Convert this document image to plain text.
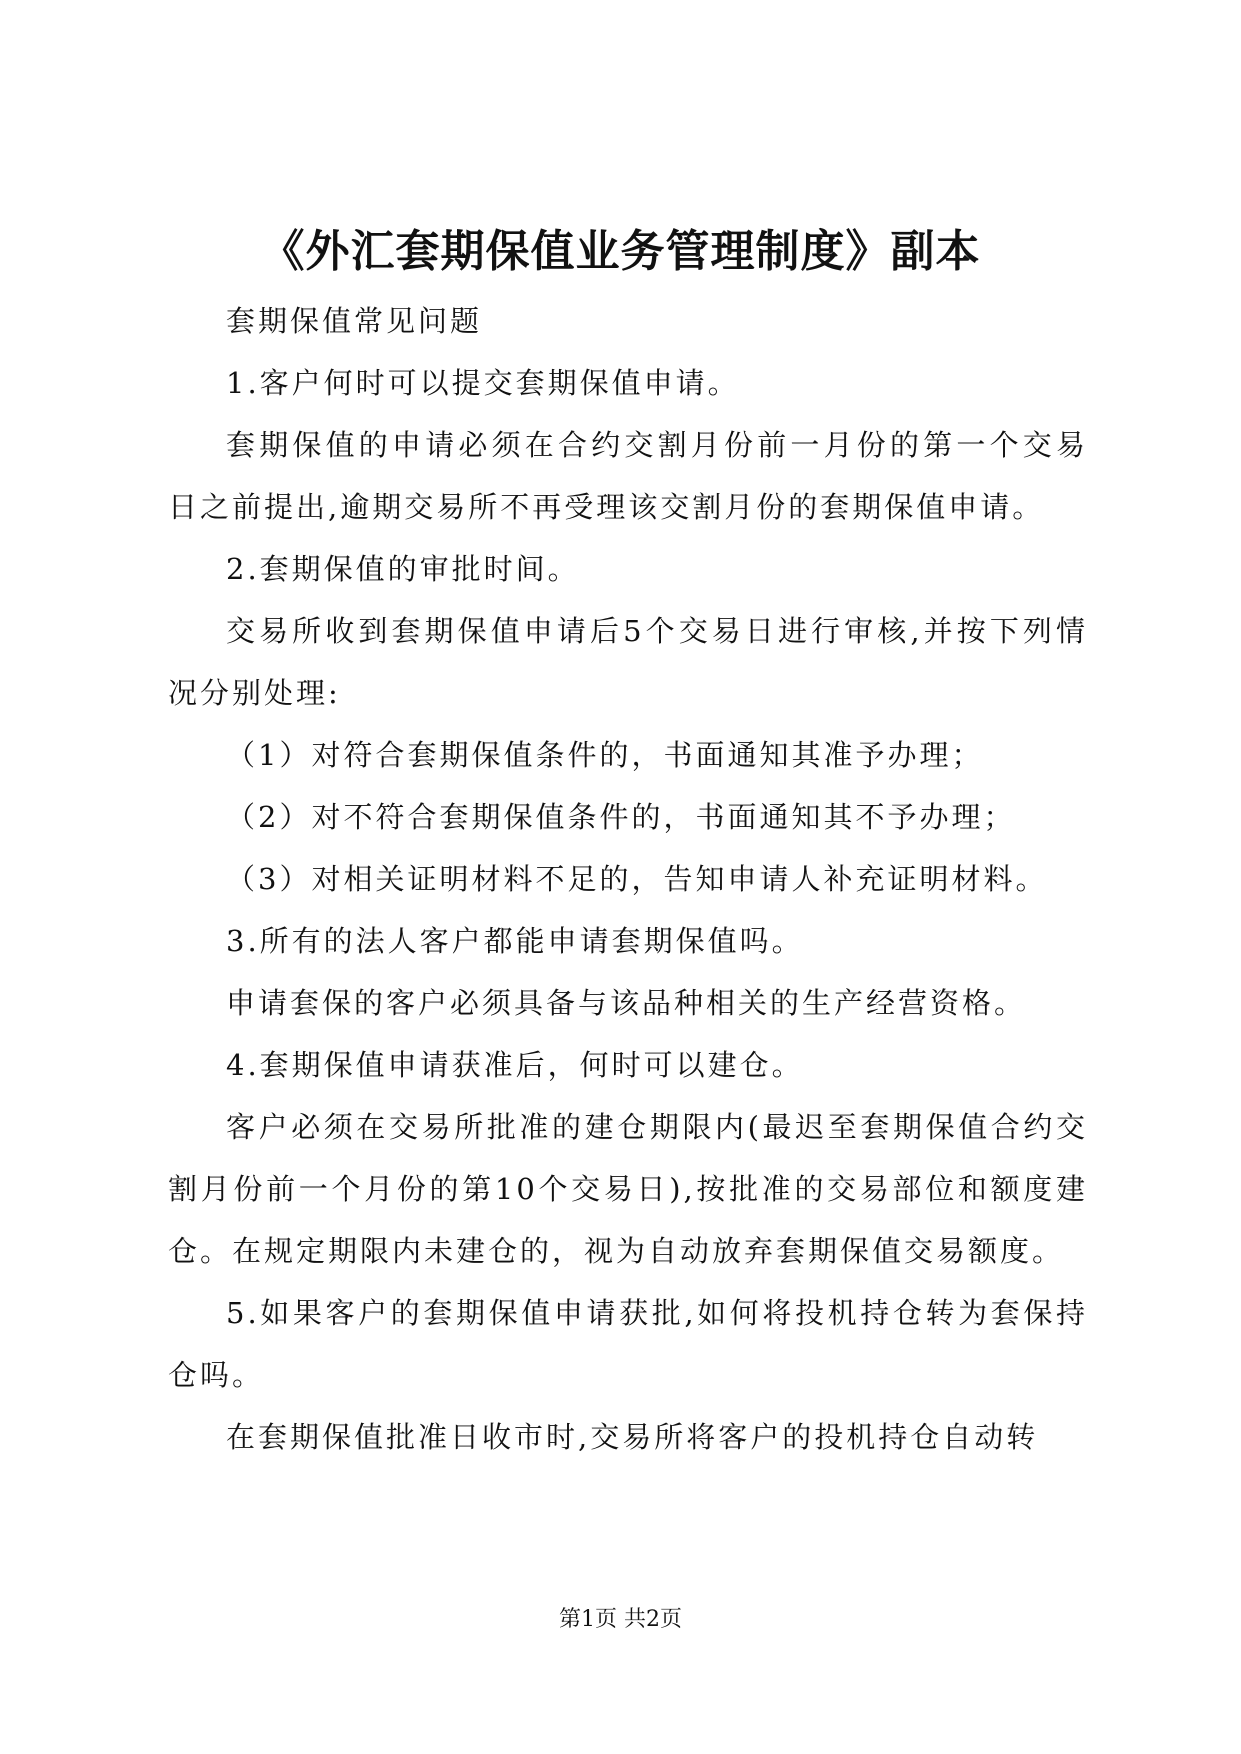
《外汇套期保值业务管理制度》副本

套期保值常见问题

1.客户何时可以提交套期保值申请。

套期保值的申请必须在合约交割月份前一月份的第一个交易日之前提出,逾期交易所不再受理该交割月份的套期保值申请。

2.套期保值的审批时间。

交易所收到套期保值申请后5个交易日进行审核,并按下列情况分别处理:

（1）对符合套期保值条件的，书面通知其准予办理；

（2）对不符合套期保值条件的，书面通知其不予办理；

（3）对相关证明材料不足的，告知申请人补充证明材料。

3.所有的法人客户都能申请套期保值吗。

申请套保的客户必须具备与该品种相关的生产经营资格。

4.套期保值申请获准后，何时可以建仓。

客户必须在交易所批准的建仓期限内(最迟至套期保值合约交割月份前一个月份的第10个交易日),按批准的交易部位和额度建仓。在规定期限内未建仓的，视为自动放弃套期保值交易额度。

5.如果客户的套期保值申请获批,如何将投机持仓转为套保持仓吗。

在套期保值批准日收市时,交易所将客户的投机持仓自动转

第1页 共2页
